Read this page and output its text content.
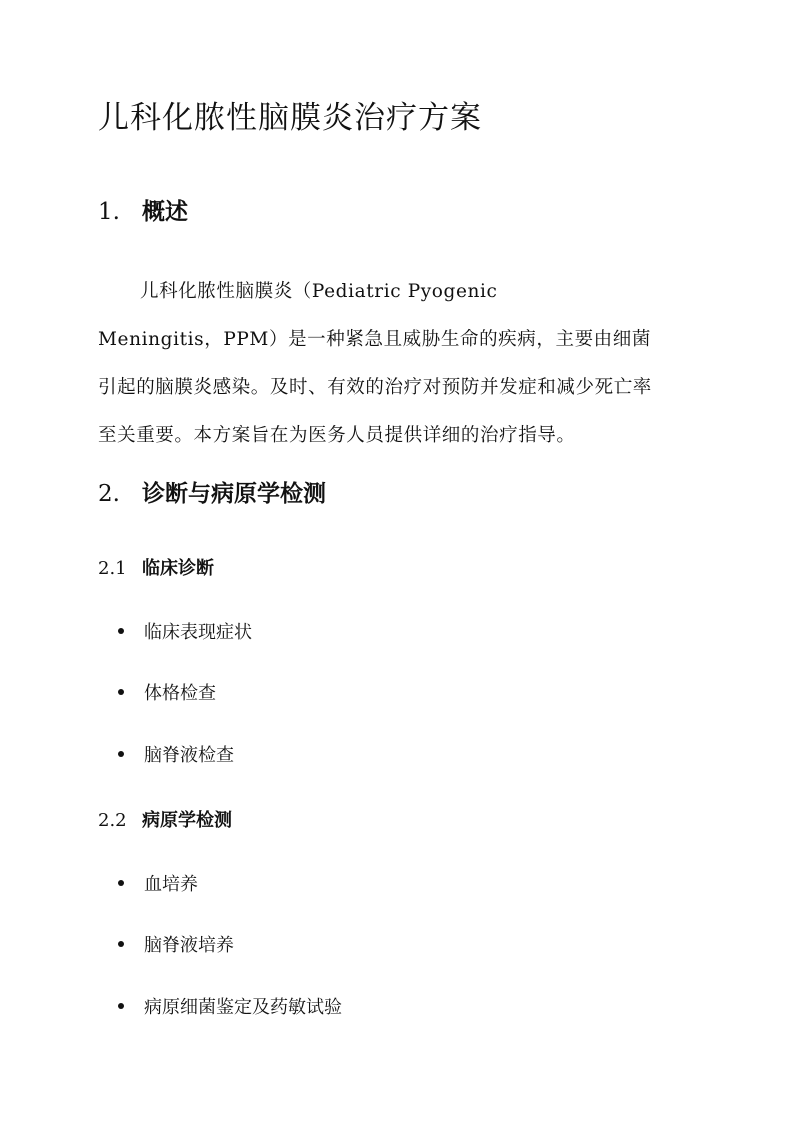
儿科化脓性脑膜炎治疗方案
1. 概述
儿科化脓性脑膜炎（Pediatric Pyogenic
Meningitis，PPM）是一种紧急且威胁生命的疾病，主要由细菌
引起的脑膜炎感染。及时、有效的治疗对预防并发症和减少死亡率
至关重要。本方案旨在为医务人员提供详细的治疗指导。
2. 诊断与病原学检测
2.1 临床诊断
临床表现症状
体格检查
脑脊液检查
2.2 病原学检测
血培养
脑脊液培养
病原细菌鉴定及药敏试验
